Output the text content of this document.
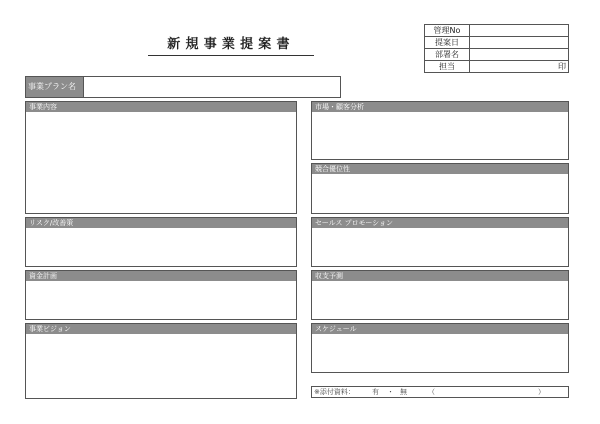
新規事業提案書
管理No	
提案日	
部署名	
担当	印
事業プラン名
事業内容
リスク/改善策
資金計画
事業ビジョン
市場・顧客分析
競合優位性
セールス プロモーション
収支予測
スケジュール
※添付資料： 有 ・ 無	（	）
